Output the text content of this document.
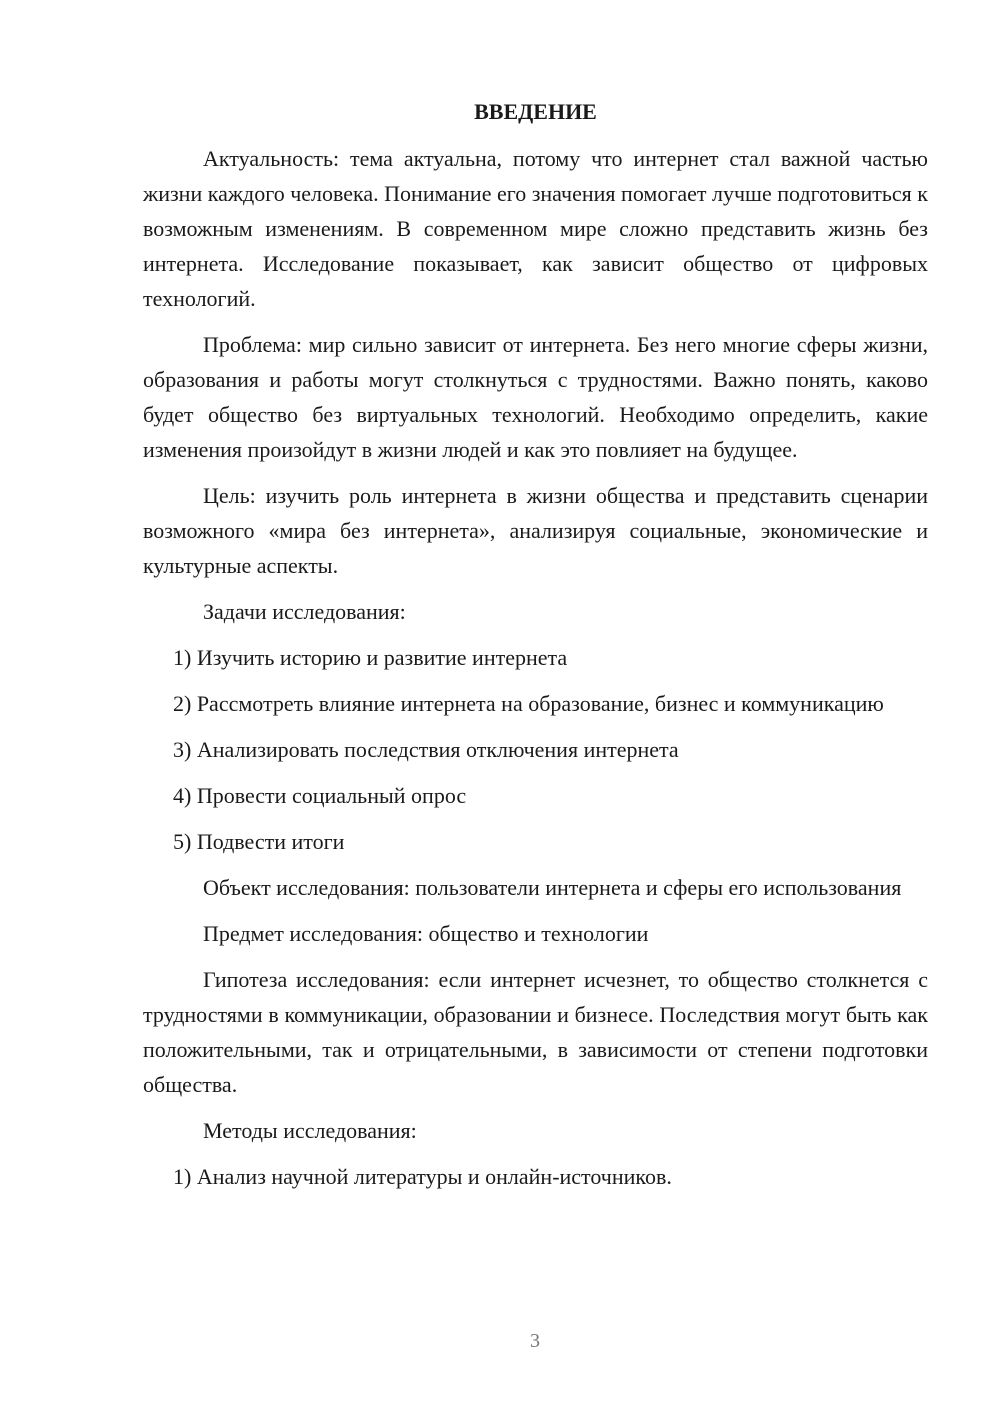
ВВЕДЕНИЕ

Актуальность: тема актуальна, потому что интернет стал важной частью жизни каждого человека. Понимание его значения помогает лучше подготовиться к возможным изменениям. В современном мире сложно представить жизнь без интернета. Исследование показывает, как зависит общество от цифровых технологий.

Проблема: мир сильно зависит от интернета. Без него многие сферы жизни, образования и работы могут столкнуться с трудностями. Важно понять, каково будет общество без виртуальных технологий. Необходимо определить, какие изменения произойдут в жизни людей и как это повлияет на будущее.

Цель: изучить роль интернета в жизни общества и представить сценарии возможного «мира без интернета», анализируя социальные, экономические и культурные аспекты.

Задачи исследования:

1) Изучить историю и развитие интернета

2) Рассмотреть влияние интернета на образование, бизнес и коммуникацию

3) Анализировать последствия отключения интернета

4) Провести социальный опрос

5) Подвести итоги

Объект исследования: пользователи интернета и сферы его использования

Предмет исследования: общество и технологии

Гипотеза исследования: если интернет исчезнет, то общество столкнется с трудностями в коммуникации, образовании и бизнесе. Последствия могут быть как положительными, так и отрицательными, в зависимости от степени подготовки общества.

Методы исследования:

1) Анализ научной литературы и онлайн-источников.

3
